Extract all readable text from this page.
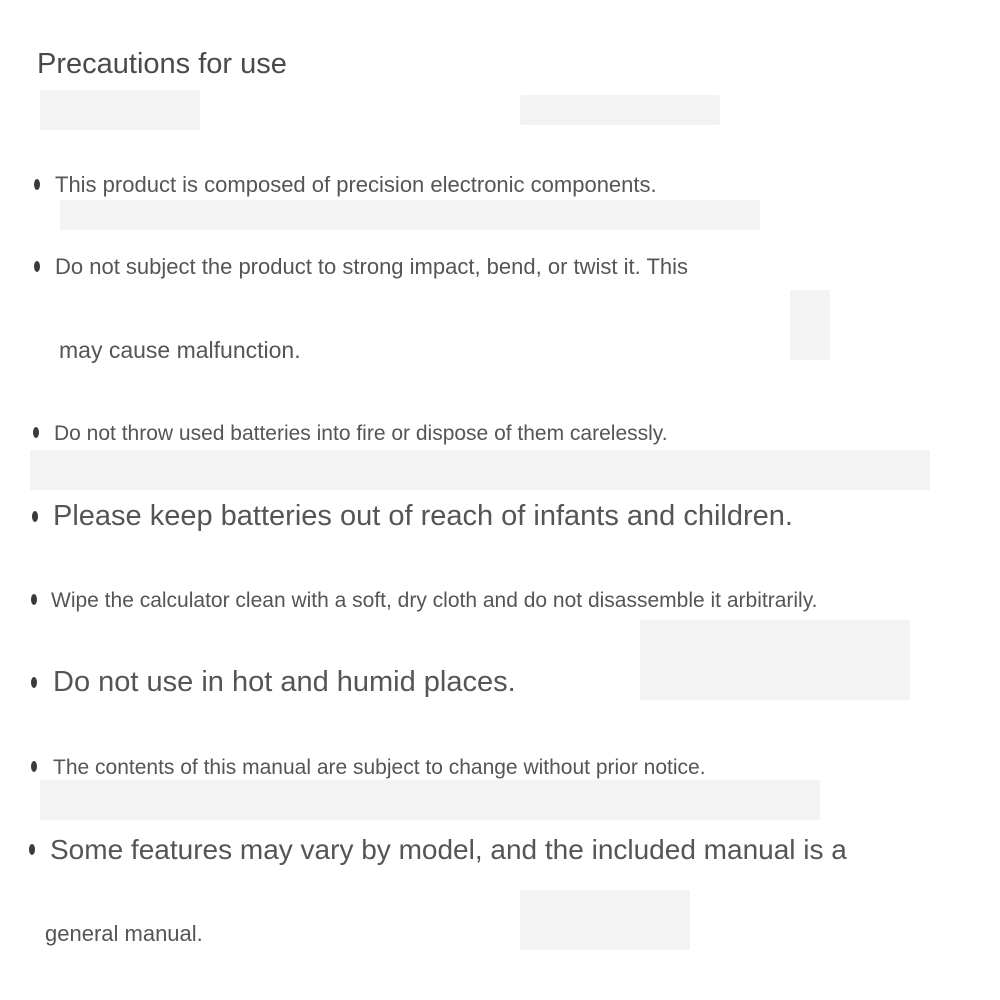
Precautions for use
This product is composed of precision electronic components.
Do not subject the product to strong impact, bend, or twist it. This
may cause malfunction.
Do not throw used batteries into fire or dispose of them carelessly.
Please keep batteries out of reach of infants and children.
Wipe the calculator clean with a soft, dry cloth and do not disassemble it arbitrarily.
Do not use in hot and humid places.
The contents of this manual are subject to change without prior notice.
Some features may vary by model, and the included manual is a
general manual.
